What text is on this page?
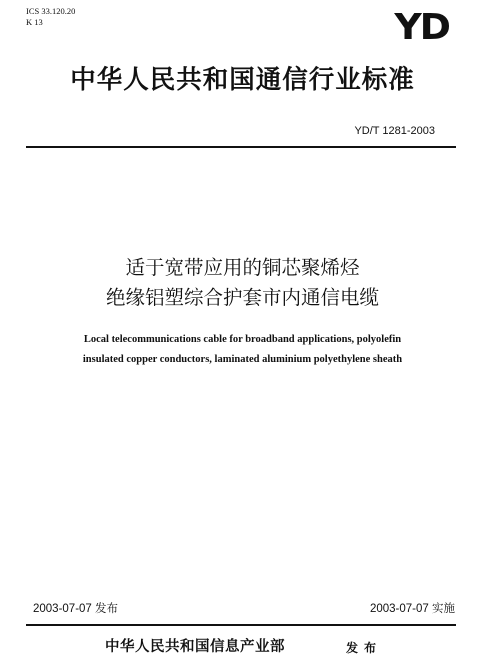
ICS 33.120.20
K 13	YD
中华人民共和国通信行业标准
YD/T 1281-2003
适于宽带应用的铜芯聚烯烃
绝缘铝塑综合护套市内通信电缆
Local telecommunications cable for broadband applications, polyolefin
insulated copper conductors, laminated aluminium polyethylene sheath
2003-07-07 发布	2003-07-07 实施
中华人民共和国信息产业部	发布
